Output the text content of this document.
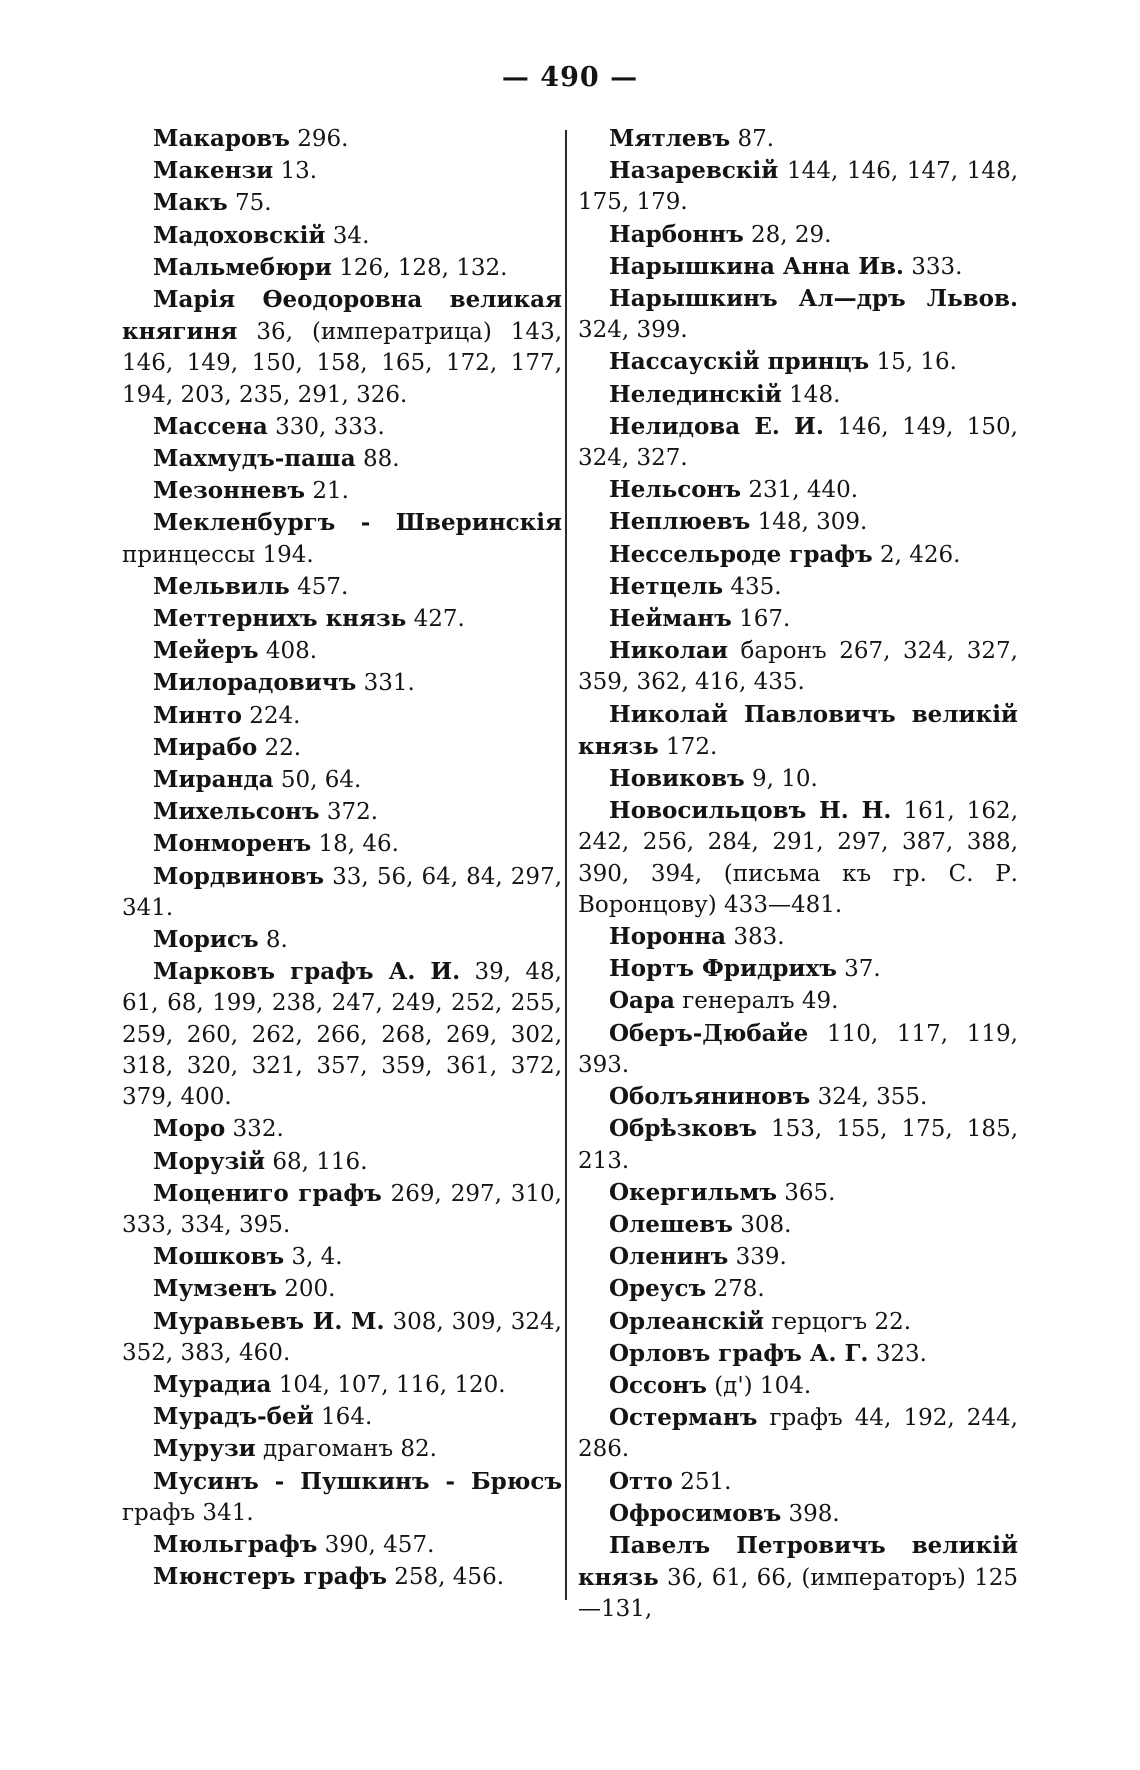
— 490 —

Макаровъ 296.

Макензи 13.

Макъ 75.

Мадоховскій 34.

Мальмебюри 126, 128, 132.

Марія Өеодоровна великая княгиня 36, (императрица) 143, 146, 149, 150, 158, 165, 172, 177, 194, 203, 235, 291, 326.

Массена 330, 333.

Махмудъ-паша 88.

Мезонневъ 21.

Мекленбургъ - Шверинскія принцессы 194.

Мельвиль 457.

Меттернихъ князь 427.

Мейеръ 408.

Милорадовичъ 331.

Минто 224.

Мирабо 22.

Миранда 50, 64.

Михельсонъ 372.

Монморенъ 18, 46.

Мордвиновъ 33, 56, 64, 84, 297, 341.

Морисъ 8.

Марковъ графъ А. И. 39, 48, 61, 68, 199, 238, 247, 249, 252, 255, 259, 260, 262, 266, 268, 269, 302, 318, 320, 321, 357, 359, 361, 372, 379, 400.

Моро 332.

Морузій 68, 116.

Моцениго графъ 269, 297, 310, 333, 334, 395.

Мошковъ 3, 4.

Мумзенъ 200.

Муравьевъ И. М. 308, 309, 324, 352, 383, 460.

Мурадиа 104, 107, 116, 120.

Мурадъ-бей 164.

Мурузи драгоманъ 82.

Мусинъ - Пушкинъ - Брюсъ графъ 341.

Мюльграфъ 390, 457.

Мюнстеръ графъ 258, 456.

Мятлевъ 87.

Назаревскій 144, 146, 147, 148, 175, 179.

Нарбоннъ 28, 29.

Нарышкина Анна Ив. 333.

Нарышкинъ Ал—дръ Львов. 324, 399.

Нассаускій принцъ 15, 16.

Нелединскій 148.

Нелидова Е. И. 146, 149, 150, 324, 327.

Нельсонъ 231, 440.

Неплюевъ 148, 309.

Нессельроде графъ 2, 426.

Нетцель 435.

Нейманъ 167.

Николаи баронъ 267, 324, 327, 359, 362, 416, 435.

Николай Павловичъ великій князь 172.

Новиковъ 9, 10.

Новосильцовъ Н. Н. 161, 162, 242, 256, 284, 291, 297, 387, 388, 390, 394, (письма къ гр. С. Р. Воронцову) 433—481.

Норонна 383.

Нортъ Фридрихъ 37.

Оара генералъ 49.

Оберъ-Дюбайе 110, 117, 119, 393.

Оболъяниновъ 324, 355.

Обрѣзковъ 153, 155, 175, 185, 213.

Окергильмъ 365.

Олешевъ 308.

Оленинъ 339.

Ореусъ 278.

Орлеанскій герцогъ 22.

Орловъ графъ А. Г. 323.

Оссонъ (д') 104.

Остерманъ графъ 44, 192, 244, 286.

Отто 251.

Офросимовъ 398.

Павелъ Петровичъ великій князь 36, 61, 66, (императоръ) 125—131,
